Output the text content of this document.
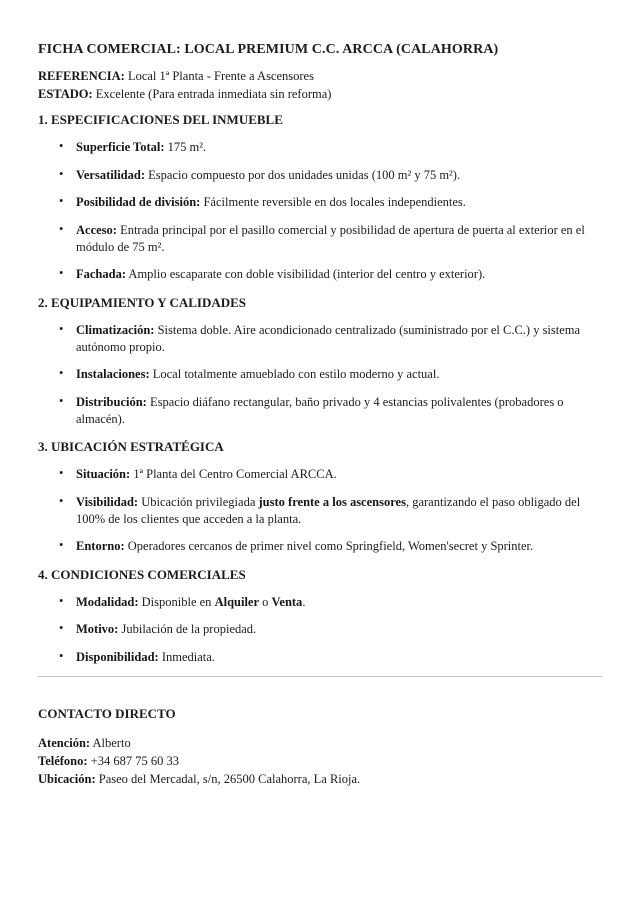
FICHA COMERCIAL: LOCAL PREMIUM C.C. ARCCA (CALAHORRA)
REFERENCIA: Local 1ª Planta - Frente a Ascensores
ESTADO: Excelente (Para entrada inmediata sin reforma)
1. ESPECIFICACIONES DEL INMUEBLE
• Superficie Total: 175 m².
• Versatilidad: Espacio compuesto por dos unidades unidas (100 m² y 75 m²).
• Posibilidad de división: Fácilmente reversible en dos locales independientes.
• Acceso: Entrada principal por el pasillo comercial y posibilidad de apertura de puerta al exterior en el módulo de 75 m².
• Fachada: Amplio escaparate con doble visibilidad (interior del centro y exterior).
2. EQUIPAMIENTO Y CALIDADES
• Climatización: Sistema doble. Aire acondicionado centralizado (suministrado por el C.C.) y sistema autónomo propio.
• Instalaciones: Local totalmente amueblado con estilo moderno y actual.
• Distribución: Espacio diáfano rectangular, baño privado y 4 estancias polivalentes (probadores o almacén).
3. UBICACIÓN ESTRATÉGICA
• Situación: 1ª Planta del Centro Comercial ARCCA.
• Visibilidad: Ubicación privilegiada justo frente a los ascensores, garantizando el paso obligado del 100% de los clientes que acceden a la planta.
• Entorno: Operadores cercanos de primer nivel como Springfield, Women'secret y Sprinter.
4. CONDICIONES COMERCIALES
• Modalidad: Disponible en Alquiler o Venta.
• Motivo: Jubilación de la propiedad.
• Disponibilidad: Inmediata.
CONTACTO DIRECTO
Atención: Alberto
Teléfono: +34 687 75 60 33
Ubicación: Paseo del Mercadal, s/n, 26500 Calahorra, La Rioja.
